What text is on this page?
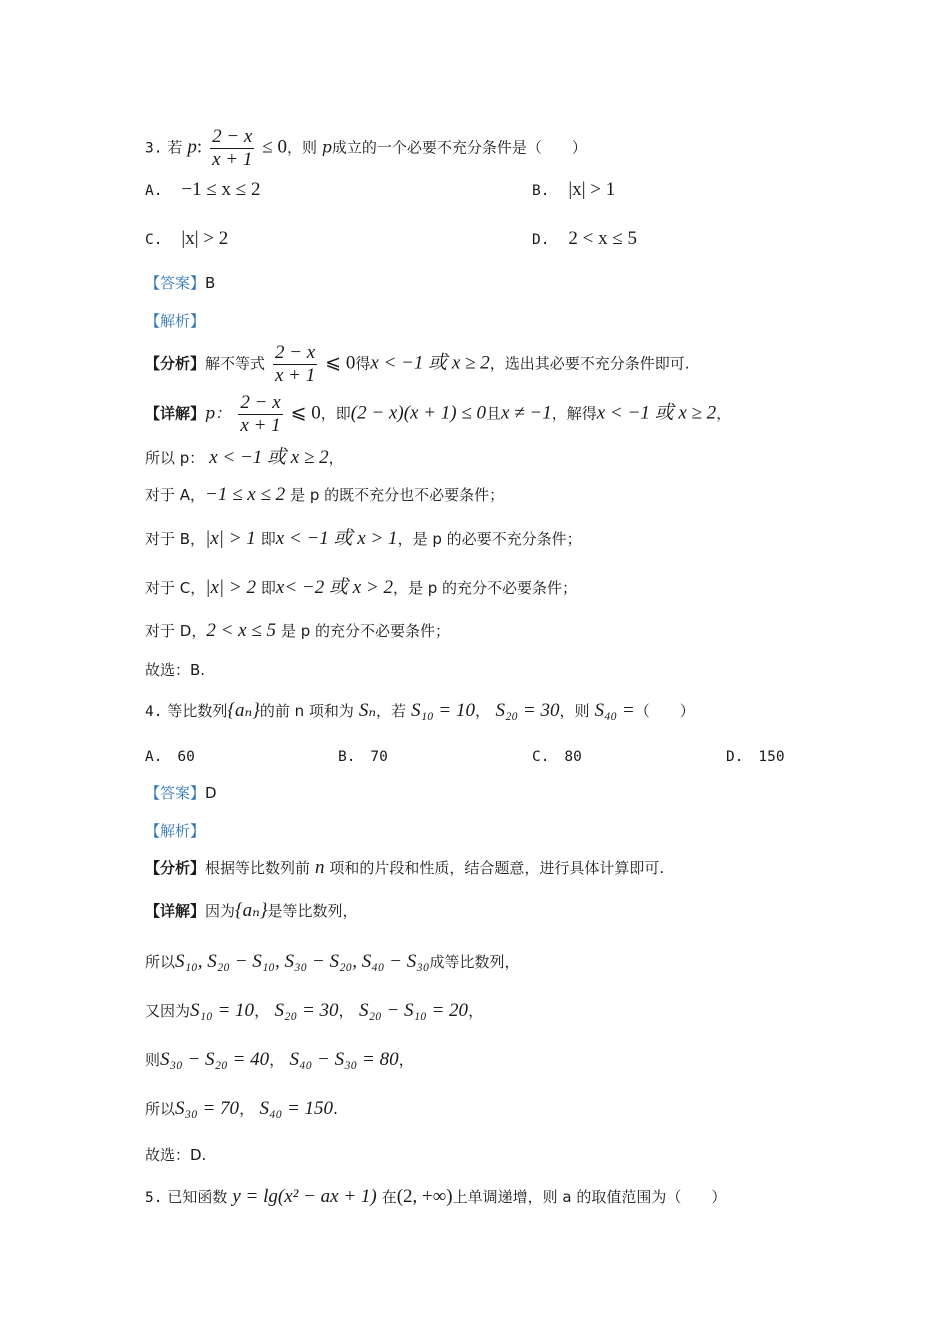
3. 若 p: $\frac{2 - x}{x + 1} \le 0$，则 p成立的一个必要不充分条件是（　　）
A. −1 ≤ x ≤ 2	B. |x| > 1
C. |x| > 2	D. 2 < x ≤ 5
【答案】B
【解析】
【分析】解不等式 $\frac{2 - x}{x + 1}$ ⩽ 0得x < −1 或 x ≥ 2，选出其必要不充分条件即可.
【详解】p： $\frac{2 - x}{x + 1}$ ⩽ 0，即(2 − x)(x + 1) ≤ 0且x ≠ −1，解得x < −1 或 x ≥ 2，
所以 p： x < −1 或 x ≥ 2，
对于 A，−1 ≤ x ≤ 2 是 p 的既不充分也不必要条件；
对于 B，|x| > 1 即x < −1 或 x > 1，是 p 的必要不充分条件；
对于 C，|x| > 2 即x< −2 或 x > 2，是 p 的充分不必要条件；
对于 D，2 < x ≤ 5 是 p 的充分不必要条件；
故选：B.
4. 等比数列{aₙ}的前 n 项和为 Sₙ，若 S₁₀ = 10， S₂₀ = 30，则 S₄₀ =（　　）
A. 60	B. 70	C. 80	D. 150
【答案】D
【解析】
【分析】根据等比数列前 n 项和的片段和性质，结合题意，进行具体计算即可.
【详解】因为{aₙ}是等比数列，
所以S₁₀, S₂₀ − S₁₀, S₃₀ − S₂₀, S₄₀ − S₃₀成等比数列，
又因为S₁₀ = 10， S₂₀ = 30， S₂₀ − S₁₀ = 20，
则S₃₀ − S₂₀ = 40， S₄₀ − S₃₀ = 80，
所以S₃₀ = 70， S₄₀ = 150.
故选：D.
5. 已知函数 y = lg(x² − ax + 1) 在(2, +∞)上单调递增，则 a 的取值范围为（　　）
